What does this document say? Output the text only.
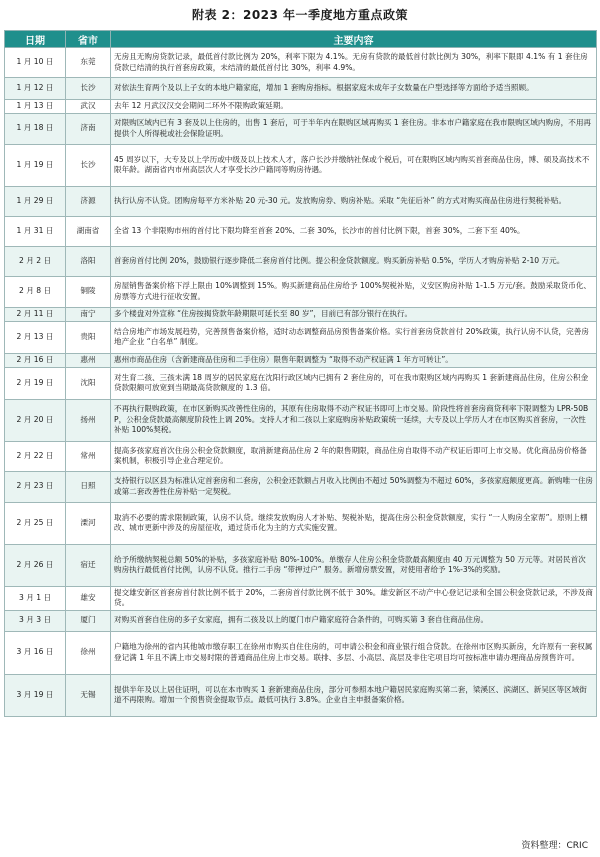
附表 2：2023 年一季度地方重点政策
日期	省市	主要内容
1 月 10 日	东莞	无房且无购房贷款记录，最低首付款比例为 20%，利率下限为 4.1%。无房有贷款的最低首付款比例为 30%，利率下限即 4.1% 有 1 套住房贷款已结清的执行首套房政策，未结清的最低首付比 30%，利率 4.9%。
1 月 12 日	长沙	对依法生育两个及以上子女的本地户籍家庭，增加 1 套购房指标。根据家庭未成年子女数量在户型选择等方面给予适当照顾。
1 月 13 日	武汉	去年 12 月武汉汉交会期间二环外不限购政策延期。
1 月 18 日	济南	对限购区域内已有 3 套及以上住房的，出售 1 套后，可于半年内在限购区域再购买 1 套住房。非本市户籍家庭在我市限购区域内购房，不用再提供个人所得税或社会保险证明。
1 月 19 日	长沙	45 周岁以下，大专及以上学历或中级及以上技术人才，落户长沙并缴纳社保或个税后，可在限购区域内购买首套商品住房，博、硕及高技术不限年龄。湖南省内市州高层次人才享受长沙户籍同等购房待遇。
1 月 29 日	济源	执行认房不认贷。团购房每平方米补贴 20 元-30 元。发放购房券、购房补贴。采取 “先征后补” 的方式对购买商品住房进行契税补贴。
1 月 31 日	湖南省	全省 13 个非限购市州的首付比下限均降至首套 20%、二套 30%，长沙市的首付比例下限，首套 30%，二套下至 40%。
2 月 2 日	洛阳	首套房首付比例 20%，鼓励银行逐步降低二套房首付比例。提公积金贷款额度。购买新房补贴 0.5%，学历人才购房补贴 2-10 万元。
2 月 8 日	铜陵	房屋销售备案价格下浮上限由 10%调整到 15%。购买新建商品住房给予 100%契税补贴，义安区购房补贴 1-1.5 万元/套。鼓励采取货币化、房票等方式进行征收安置。
2 月 11 日	南宁	多个楼盘对外宣称 “住房按揭贷款年龄期限可延长至 80 岁”，目前已有部分银行在执行。
2 月 13 日	贵阳	结合房地产市场发展趋势，完善预售备案价格，适时动态调整商品房预售备案价格。实行首套房贷款首付 20%政策，执行认房不认贷，完善房地产企业 “白名单” 制度。
2 月 16 日	惠州	惠州市商品住房（含新建商品住房和二手住房）限售年限调整为 “取得不动产权证满 1 年方可转让”。
2 月 19 日	沈阳	对生育二孩、三孩未满 18 周岁的居民家庭在沈阳行政区域内已拥有 2 套住房的，可在我市限购区域内再购买 1 套新建商品住房，住房公积金贷款限额可放宽到当期最高贷款额度的 1.3 倍。
2 月 20 日	扬州	不再执行限购政策，在市区新购买改善性住房的，其原有住房取得不动产权证书即可上市交易。阶段性将首套房商贷利率下限调整为 LPR-50BP，公积金贷款最高额度阶段性上调 20%。支持人才和二孩以上家庭购房补贴政策统一延续，大专及以上学历人才在市区购买首套房，一次性补贴 100%契税。
2 月 22 日	常州	提高多孩家庭首次住房公积金贷款额度，取消新建商品住房 2 年的限售期限，商品住房自取得不动产权证后即可上市交易。优化商品房价格备案机制，积极引导企业合理定价。
2 月 23 日	日照	支持银行以区县为标准认定首套房和二套房，公积金还款额占月收入比例由不超过 50%调整为不超过 60%，多孩家庭额度更高。新购唯一住房或第二套改善性住房补贴一定契税。
2 月 25 日	溧河	取消不必要的需求限制政策，认房不认贷。继续发放购房人才补贴、契税补贴，提高住房公积金贷款额度，实行 “一人购房全家帮”。原则上棚改、城市更新中涉及的房屋征收，通过货币化为主的方式实施安置。
2 月 26 日	宿迁	给予所缴纳契税总额 50%的补贴，多孩家庭补贴 80%-100%。单缴存人住房公积金贷款最高额度由 40 万元调整为 50 万元等。对居民首次购房执行最低首付比例，认房不认贷。推行二手房 “带押过户” 服务。新增房票安置，对使用者给予 1%-3%的奖励。
3 月 1 日	雄安	提交雄安新区首套房首付款比例不低于 20%，二套房首付款比例不低于 30%。雄安新区不动产中心登记记录和全国公积金贷款记录，不涉及商贷。
3 月 3 日	厦门	对购买首套自住房的多子女家庭，拥有二孩及以上的厦门市户籍家庭符合条件的，可购买第 3 套自住商品住房。
3 月 16 日	徐州	户籍地为徐州的省内其他城市缴存职工在徐州市购买自住住房的，可申请公积金和商业银行组合贷款。在徐州市区购买新房，允许原有一套权属登记满 1 年且不满上市交易时限的普通商品住房上市交易。联排、多层、小高层、高层及非住宅项目均可按标准申请办理商品房预售许可。
3 月 19 日	无锡	提供半年及以上居住证明，可以在本市购买 1 套新建商品住房，部分可参照本地户籍居民家庭购买第二套，梁溪区、滨湖区、新吴区等区域街道不再限购。增加一个预售资金提取节点。最低可执行 3.8%。企业自主申报备案价格。
资料整理：CRIC
